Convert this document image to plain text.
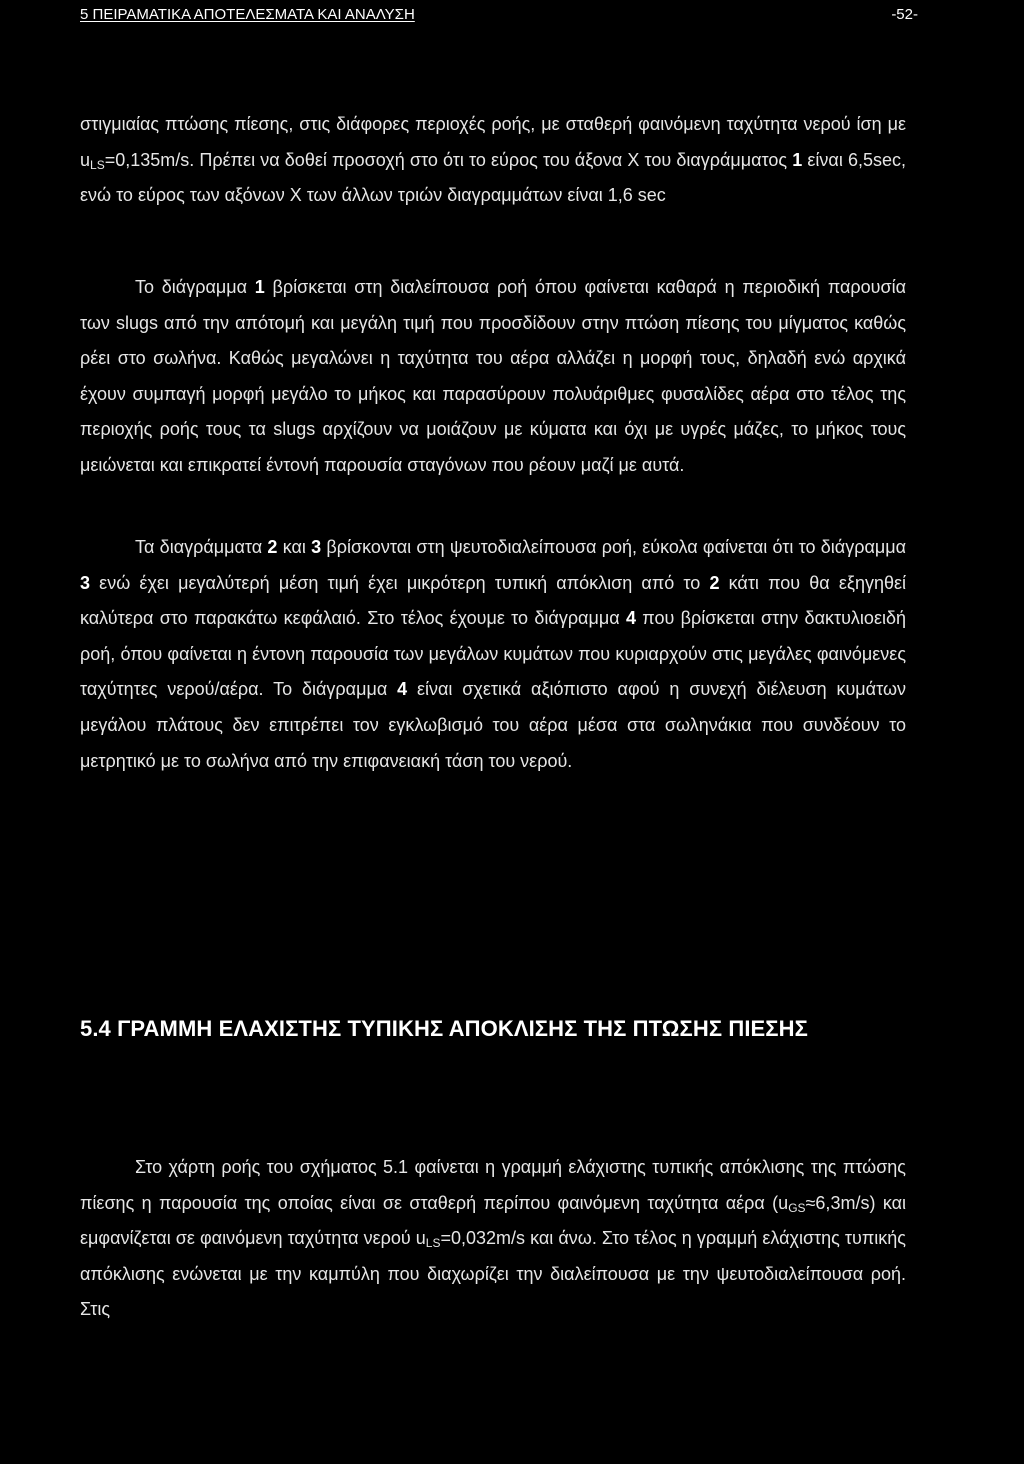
5 ΠΕΙΡΑΜΑΤΙΚΑ ΑΠΟΤΕΛΕΣΜΑΤΑ ΚΑΙ ΑΝΑΛΥΣΗ	-52-

στιγμιαίας πτώσης πίεσης, στις διάφορες περιοχές ροής, με σταθερή φαινόμενη ταχύτητα νερού ίση με $u_{LS}=0,135m/s$. Πρέπει να δοθεί προσοχή στο ότι το εύρος του άξονα Χ του διαγράμματος 1 είναι 6,5sec, ενώ το εύρος των αξόνων Χ των άλλων τριών διαγραμμάτων είναι 1,6 sec

Το διάγραμμα 1 βρίσκεται στη διαλείπουσα ροή όπου φαίνεται καθαρά η περιοδική παρουσία των slugs από την απότομή και μεγάλη τιμή που προσδίδουν στην πτώση πίεσης του μίγματος καθώς ρέει στο σωλήνα. Καθώς μεγαλώνει η ταχύτητα του αέρα αλλάζει η μορφή τους, δηλαδή ενώ αρχικά έχουν συμπαγή μορφή μεγάλο το μήκος και παρασύρουν πολυάριθμες φυσαλίδες αέρα στο τέλος της περιοχής ροής τους τα slugs αρχίζουν να μοιάζουν με κύματα και όχι με υγρές μάζες, το μήκος τους μειώνεται και επικρατεί έντονή παρουσία σταγόνων που ρέουν μαζί με αυτά.

Τα διαγράμματα 2 και 3 βρίσκονται στη ψευτοδιαλείπουσα ροή, εύκολα φαίνεται ότι το διάγραμμα 3 ενώ έχει μεγαλύτερή μέση τιμή έχει μικρότερη τυπική απόκλιση από το 2 κάτι που θα εξηγηθεί καλύτερα στο παρακάτω κεφάλαιό. Στο τέλος έχουμε το διάγραμμα 4 που βρίσκεται στην δακτυλιοειδή ροή, όπου φαίνεται η έντονη παρουσία των μεγάλων κυμάτων που κυριαρχούν στις μεγάλες φαινόμενες ταχύτητες νερού/αέρα. Το διάγραμμα 4 είναι σχετικά αξιόπιστο αφού η συνεχή διέλευση κυμάτων μεγάλου πλάτους δεν επιτρέπει τον εγκλωβισμό του αέρα μέσα στα σωληνάκια που συνδέουν το μετρητικό με το σωλήνα από την επιφανειακή τάση του νερού.

5.4 ΓΡΑΜΜΗ ΕΛΑΧΙΣΤΗΣ ΤΥΠΙΚΗΣ ΑΠΟΚΛΙΣΗΣ ΤΗΣ ΠΤΩΣΗΣ ΠΙΕΣΗΣ

Στο χάρτη ροής του σχήματος 5.1 φαίνεται η γραμμή ελάχιστης τυπικής απόκλισης της πτώσης πίεσης η παρουσία της οποίας είναι σε σταθερή περίπου φαινόμενη ταχύτητα αέρα $(u_{GS}\approx 6,3m/s)$ και εμφανίζεται σε φαινόμενη ταχύτητα νερού $u_{LS}=0,032m/s$ και άνω. Στο τέλος η γραμμή ελάχιστης τυπικής απόκλισης ενώνεται με την καμπύλη που διαχωρίζει την διαλείπουσα με την ψευτοδιαλείπουσα ροή. Στις
